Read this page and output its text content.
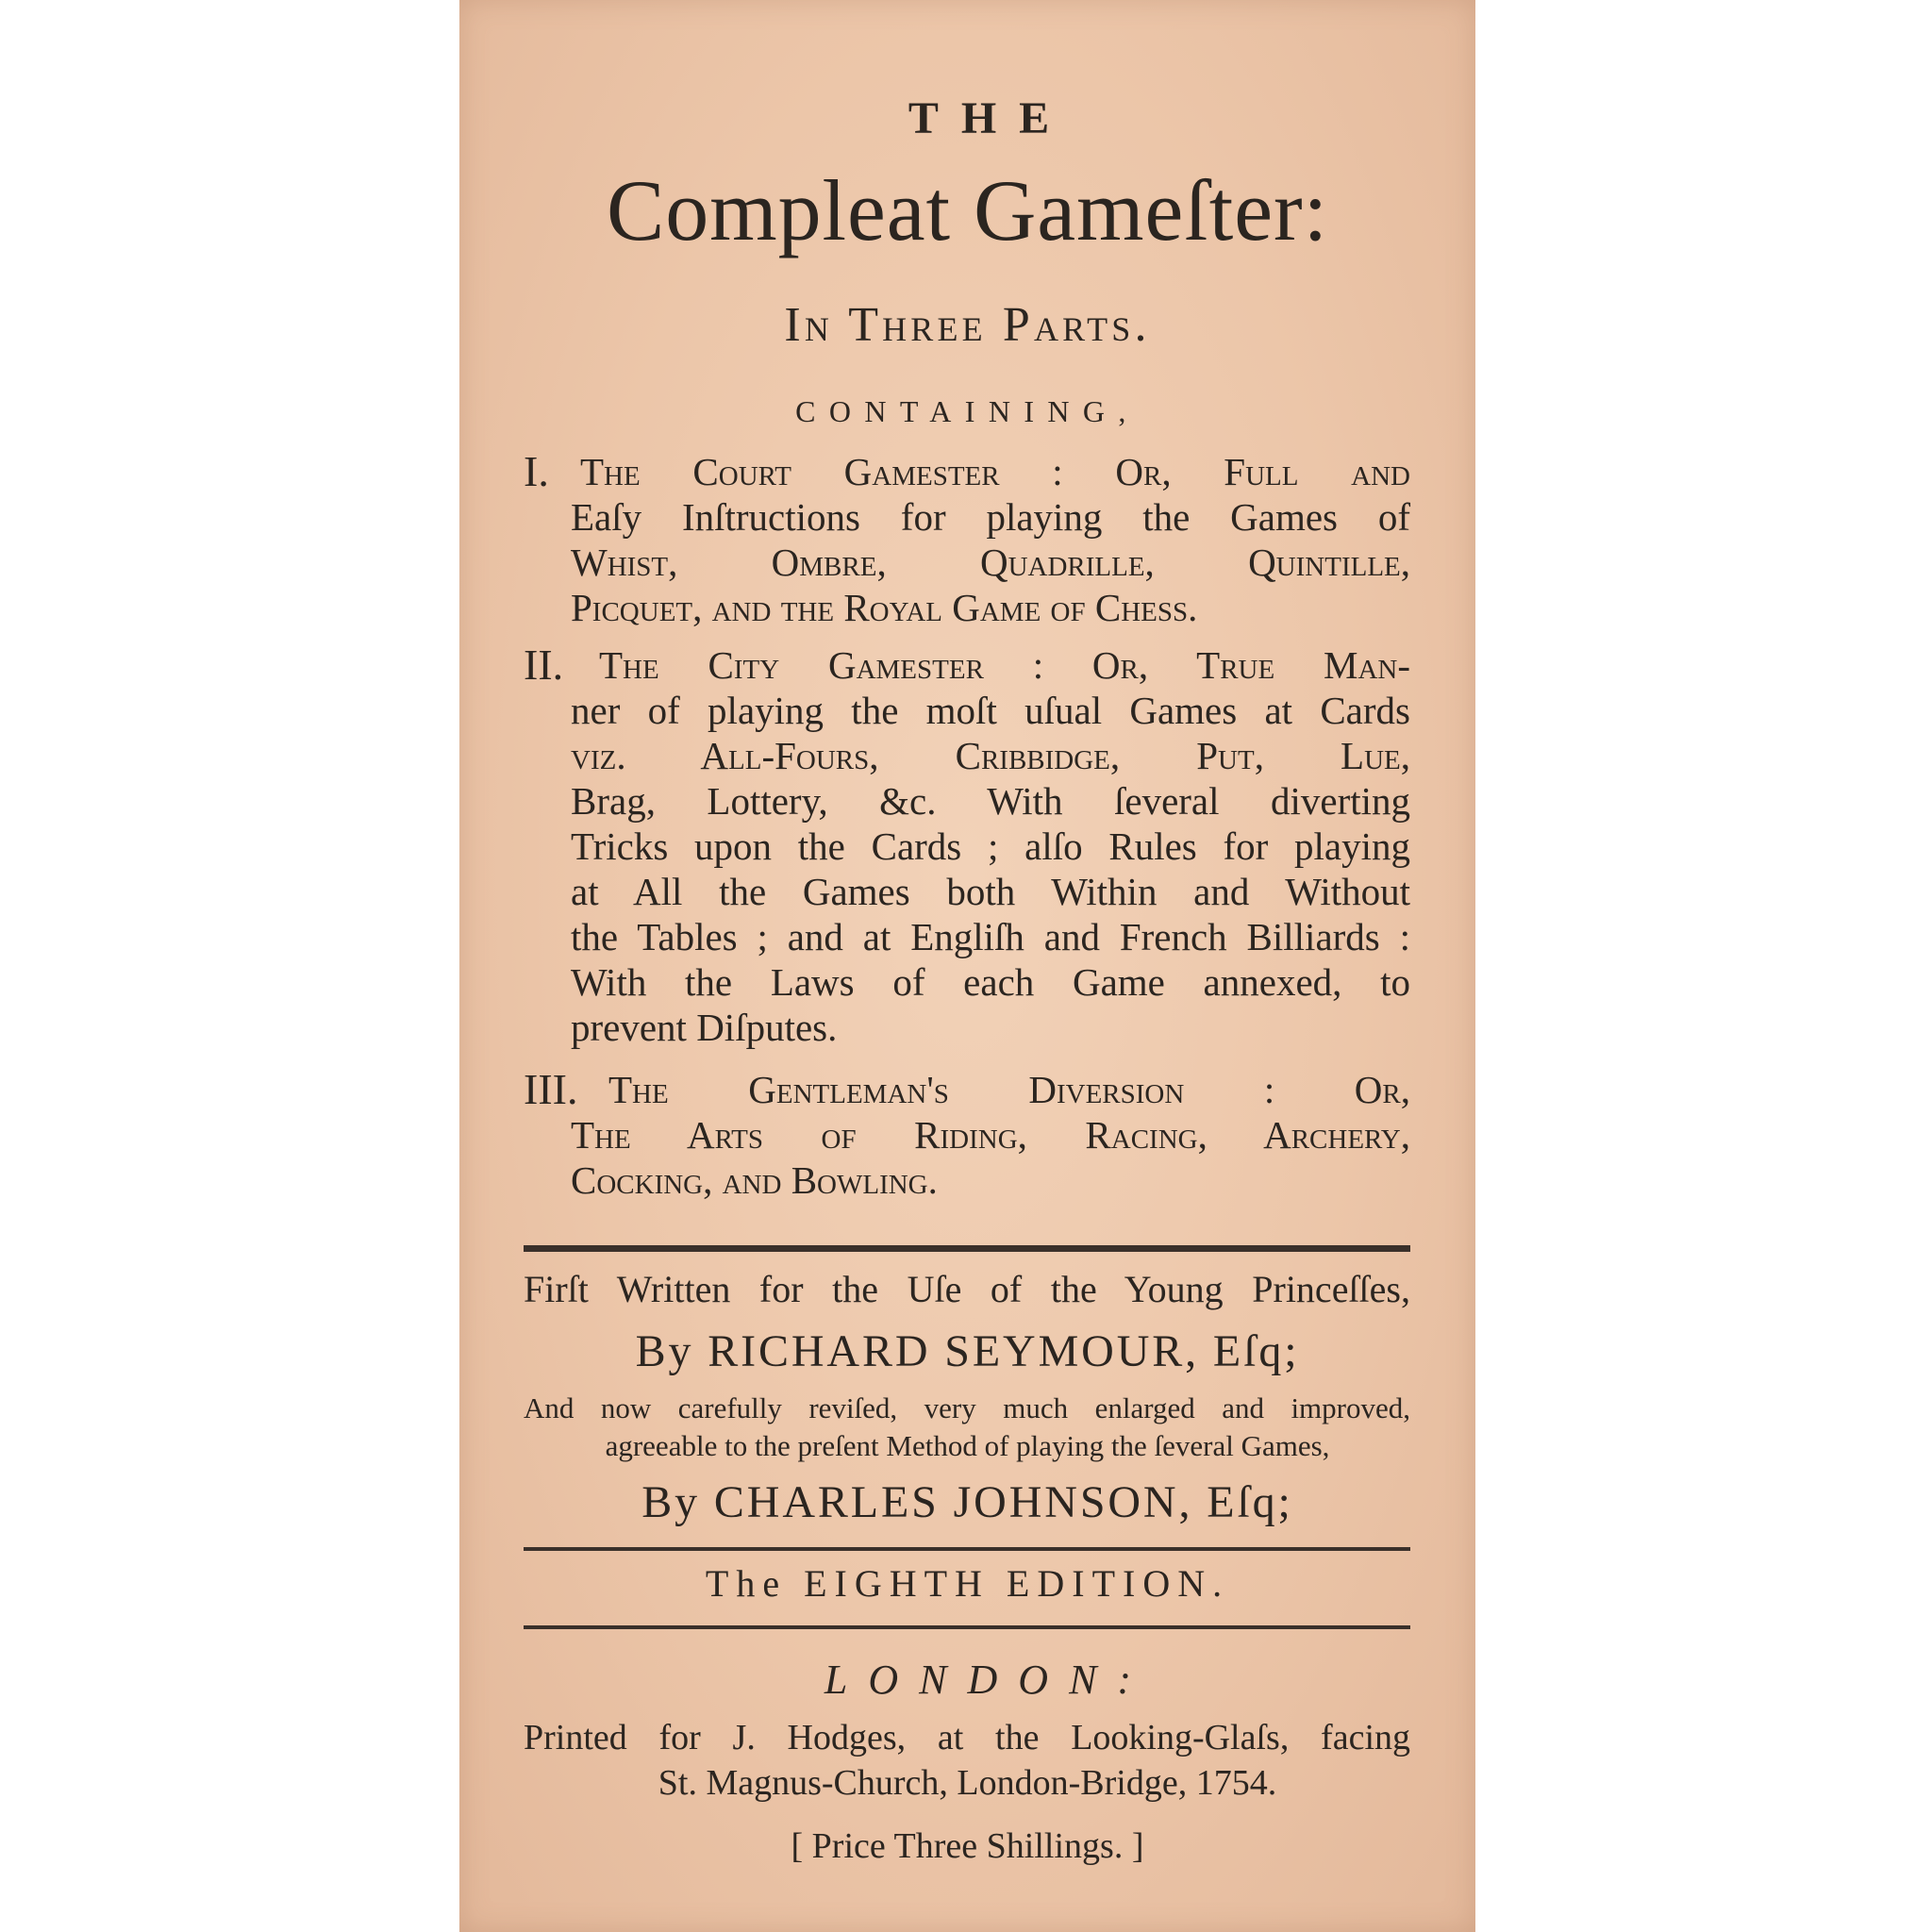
THE
Compleat Gameſter:
In Three Parts.
CONTAINING,
I. The Court Gamester : Or, Full and
Eaſy Inſtructions for playing the Games of
Whist, Ombre, Quadrille, Quintille,
Picquet, and the Royal Game of Chess.
II. The City Gamester : Or, True Man-
ner of playing the moſt uſual Games at Cards
viz. All-Fours, Cribbidge, Put, Lue,
Brag, Lottery, &c. With ſeveral diverting
Tricks upon the Cards ; alſo Rules for playing
at All the Games both Within and Without
the Tables ; and at Engliſh and French Billiards :
With the Laws of each Game annexed, to
prevent Diſputes.
III. The Gentleman's Diversion : Or,
The Arts of Riding, Racing, Archery,
Cocking, and Bowling.
Firſt Written for the Uſe of the Young Princeſſes,
By RICHARD SEYMOUR, Eſq;
And now carefully reviſed, very much enlarged and improved,
agreeable to the preſent Method of playing the ſeveral Games,
By CHARLES JOHNSON, Eſq;
The EIGHTH EDITION.
LONDON:
Printed for J. Hodges, at the Looking-Glaſs, facing
St. Magnus-Church, London-Bridge, 1754.
[ Price Three Shillings. ]
